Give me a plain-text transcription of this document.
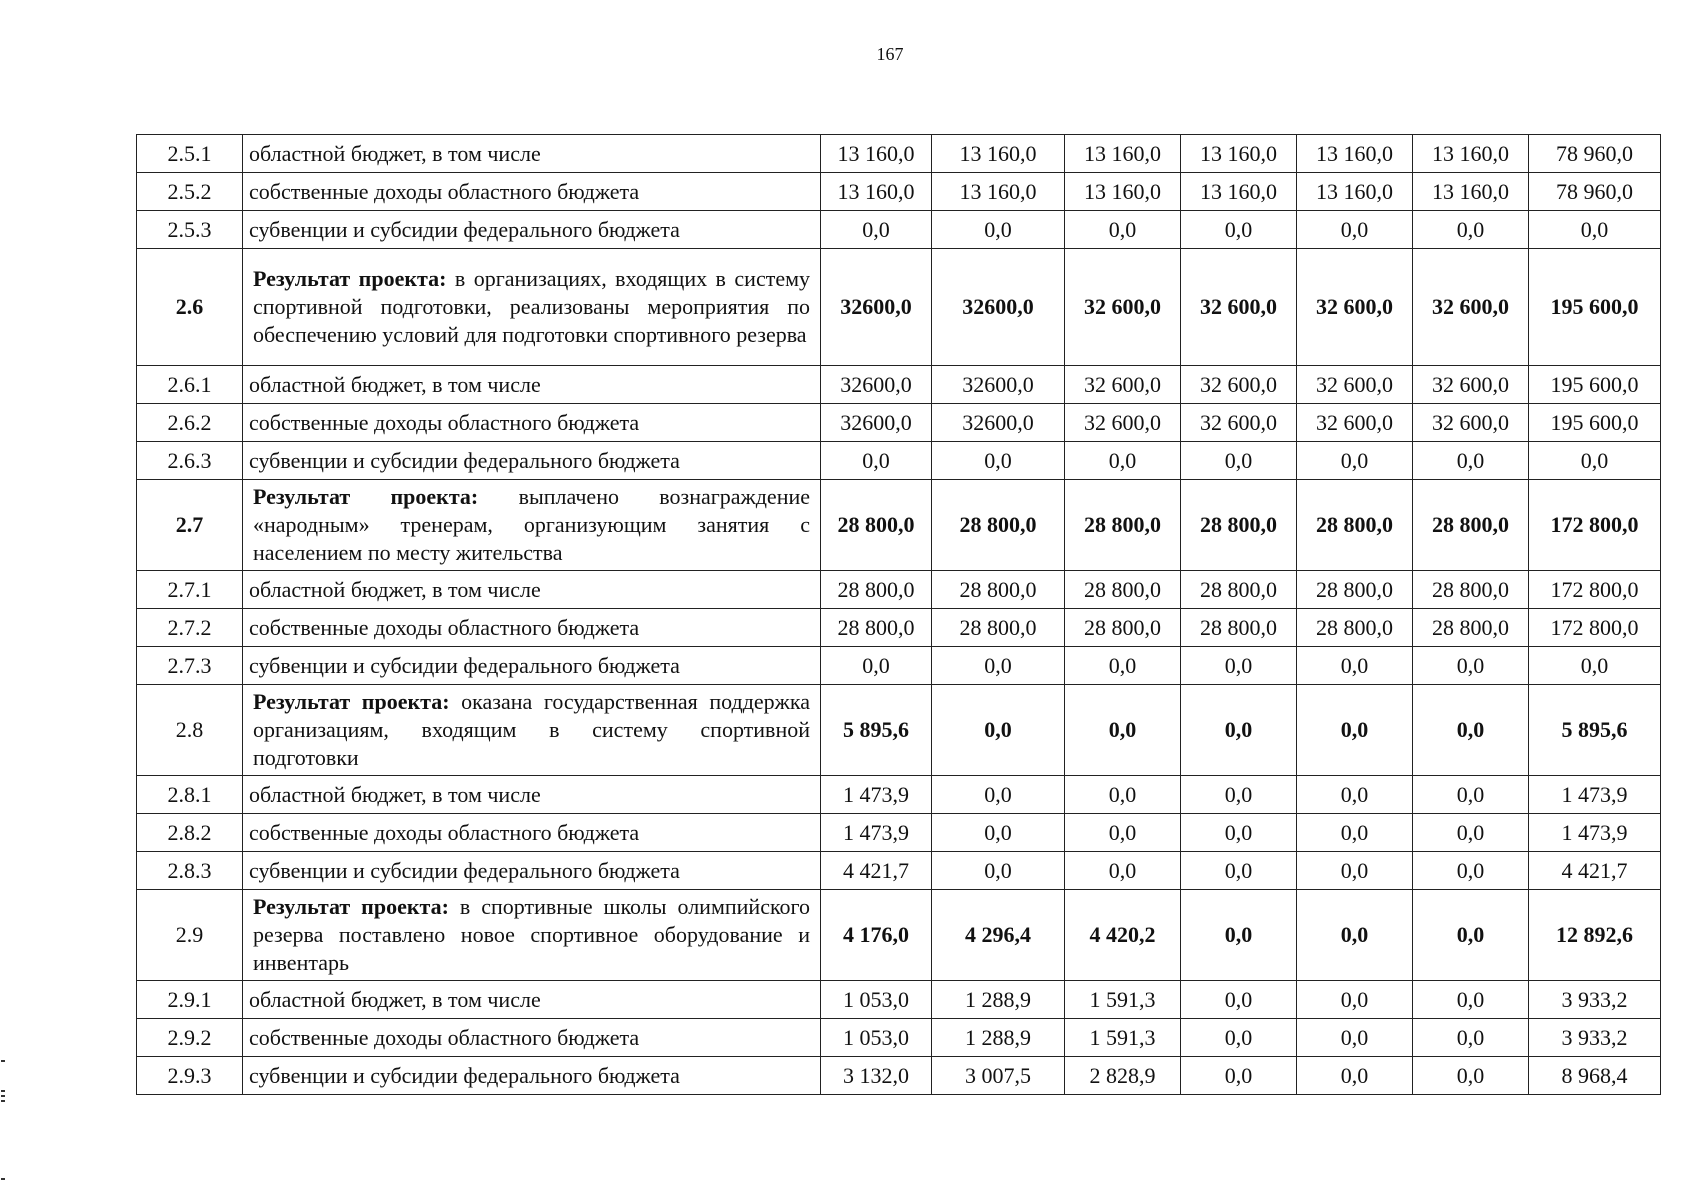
167
2.5.1	областной бюджет, в том числе	13 160,0	13 160,0	13 160,0	13 160,0	13 160,0	13 160,0	78 960,0
2.5.2	собственные доходы областного бюджета	13 160,0	13 160,0	13 160,0	13 160,0	13 160,0	13 160,0	78 960,0
2.5.3	субвенции и субсидии федерального бюджета	0,0	0,0	0,0	0,0	0,0	0,0	0,0
2.6	Результат проекта: в организациях, входящих в систему спортивной подготовки, реализованы мероприятия по обеспечению условий для подготовки спортивного резерва	32600,0	32600,0	32 600,0	32 600,0	32 600,0	32 600,0	195 600,0
2.6.1	областной бюджет, в том числе	32600,0	32600,0	32 600,0	32 600,0	32 600,0	32 600,0	195 600,0
2.6.2	собственные доходы областного бюджета	32600,0	32600,0	32 600,0	32 600,0	32 600,0	32 600,0	195 600,0
2.6.3	субвенции и субсидии федерального бюджета	0,0	0,0	0,0	0,0	0,0	0,0	0,0
2.7	Результат проекта: выплачено вознаграждение «народным» тренерам, организующим занятия с населением по месту жительства	28 800,0	28 800,0	28 800,0	28 800,0	28 800,0	28 800,0	172 800,0
2.7.1	областной бюджет, в том числе	28 800,0	28 800,0	28 800,0	28 800,0	28 800,0	28 800,0	172 800,0
2.7.2	собственные доходы областного бюджета	28 800,0	28 800,0	28 800,0	28 800,0	28 800,0	28 800,0	172 800,0
2.7.3	субвенции и субсидии федерального бюджета	0,0	0,0	0,0	0,0	0,0	0,0	0,0
2.8	Результат проекта: оказана государственная поддержка организациям, входящим в систему спортивной подготовки	5 895,6	0,0	0,0	0,0	0,0	0,0	5 895,6
2.8.1	областной бюджет, в том числе	1 473,9	0,0	0,0	0,0	0,0	0,0	1 473,9
2.8.2	собственные доходы областного бюджета	1 473,9	0,0	0,0	0,0	0,0	0,0	1 473,9
2.8.3	субвенции и субсидии федерального бюджета	4 421,7	0,0	0,0	0,0	0,0	0,0	4 421,7
2.9	Результат проекта: в спортивные школы олимпийского резерва поставлено новое спортивное оборудование и инвентарь	4 176,0	4 296,4	4 420,2	0,0	0,0	0,0	12 892,6
2.9.1	областной бюджет, в том числе	1 053,0	1 288,9	1 591,3	0,0	0,0	0,0	3 933,2
2.9.2	собственные доходы областного бюджета	1 053,0	1 288,9	1 591,3	0,0	0,0	0,0	3 933,2
2.9.3	субвенции и субсидии федерального бюджета	3 132,0	3 007,5	2 828,9	0,0	0,0	0,0	8 968,4
